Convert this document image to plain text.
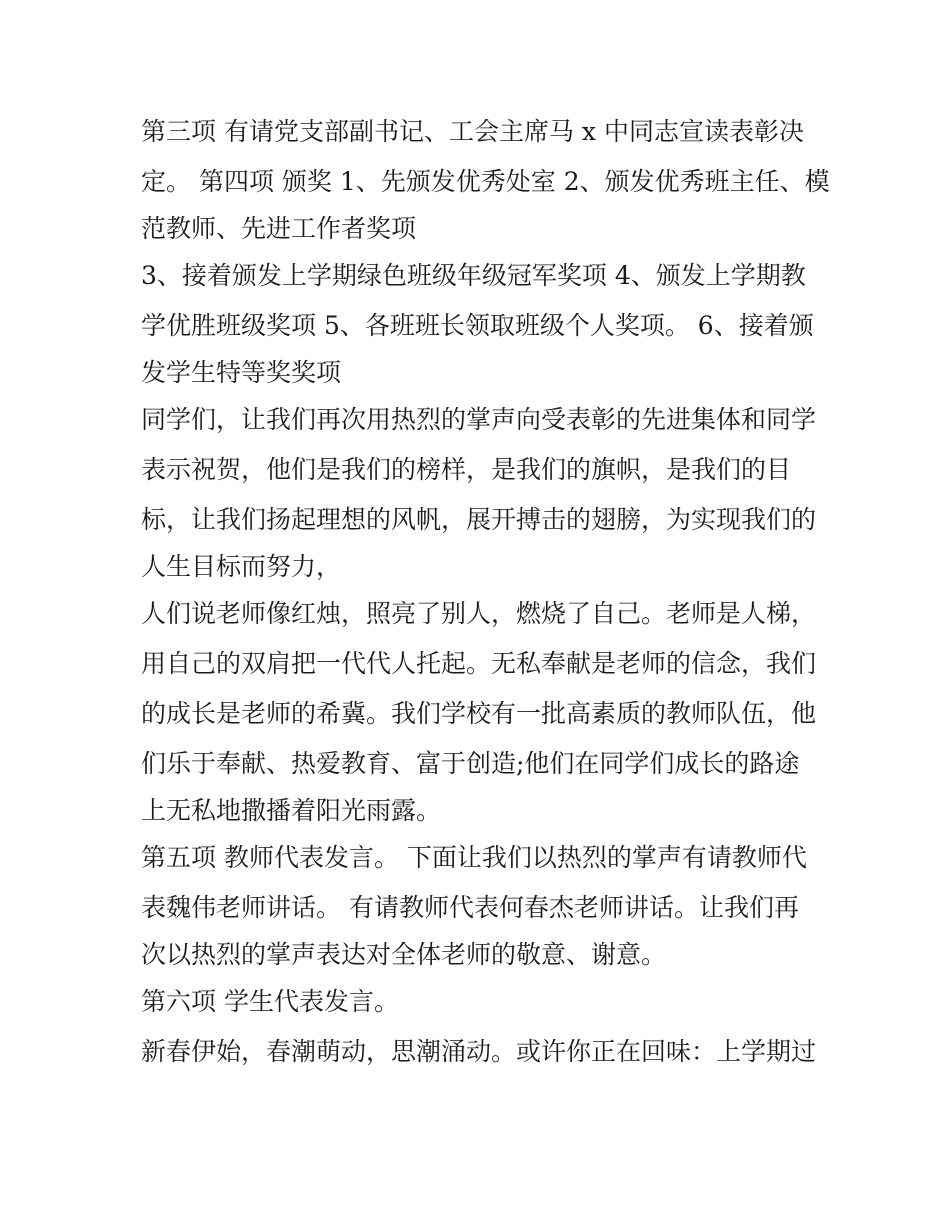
第三项 有请党支部副书记、工会主席马 x 中同志宣读表彰决
定。 第四项 颁奖 1、先颁发优秀处室 2、颁发优秀班主任、模
范教师、先进工作者奖项
3、接着颁发上学期绿色班级年级冠军奖项 4、颁发上学期教
学优胜班级奖项 5、各班班长领取班级个人奖项。 6、接着颁
发学生特等奖奖项
同学们，让我们再次用热烈的掌声向受表彰的先进集体和同学
表示祝贺，他们是我们的榜样，是我们的旗帜，是我们的目
标，让我们扬起理想的风帆，展开搏击的翅膀，为实现我们的
人生目标而努力，
人们说老师像红烛，照亮了别人，燃烧了自己。老师是人梯，
用自己的双肩把一代代人托起。无私奉献是老师的信念，我们
的成长是老师的希冀。我们学校有一批高素质的教师队伍，他
们乐于奉献、热爱教育、富于创造;他们在同学们成长的路途
上无私地撒播着阳光雨露。
第五项 教师代表发言。 下面让我们以热烈的掌声有请教师代
表魏伟老师讲话。 有请教师代表何春杰老师讲话。让我们再
次以热烈的掌声表达对全体老师的敬意、谢意。
第六项 学生代表发言。
新春伊始，春潮萌动，思潮涌动。或许你正在回味：上学期过
